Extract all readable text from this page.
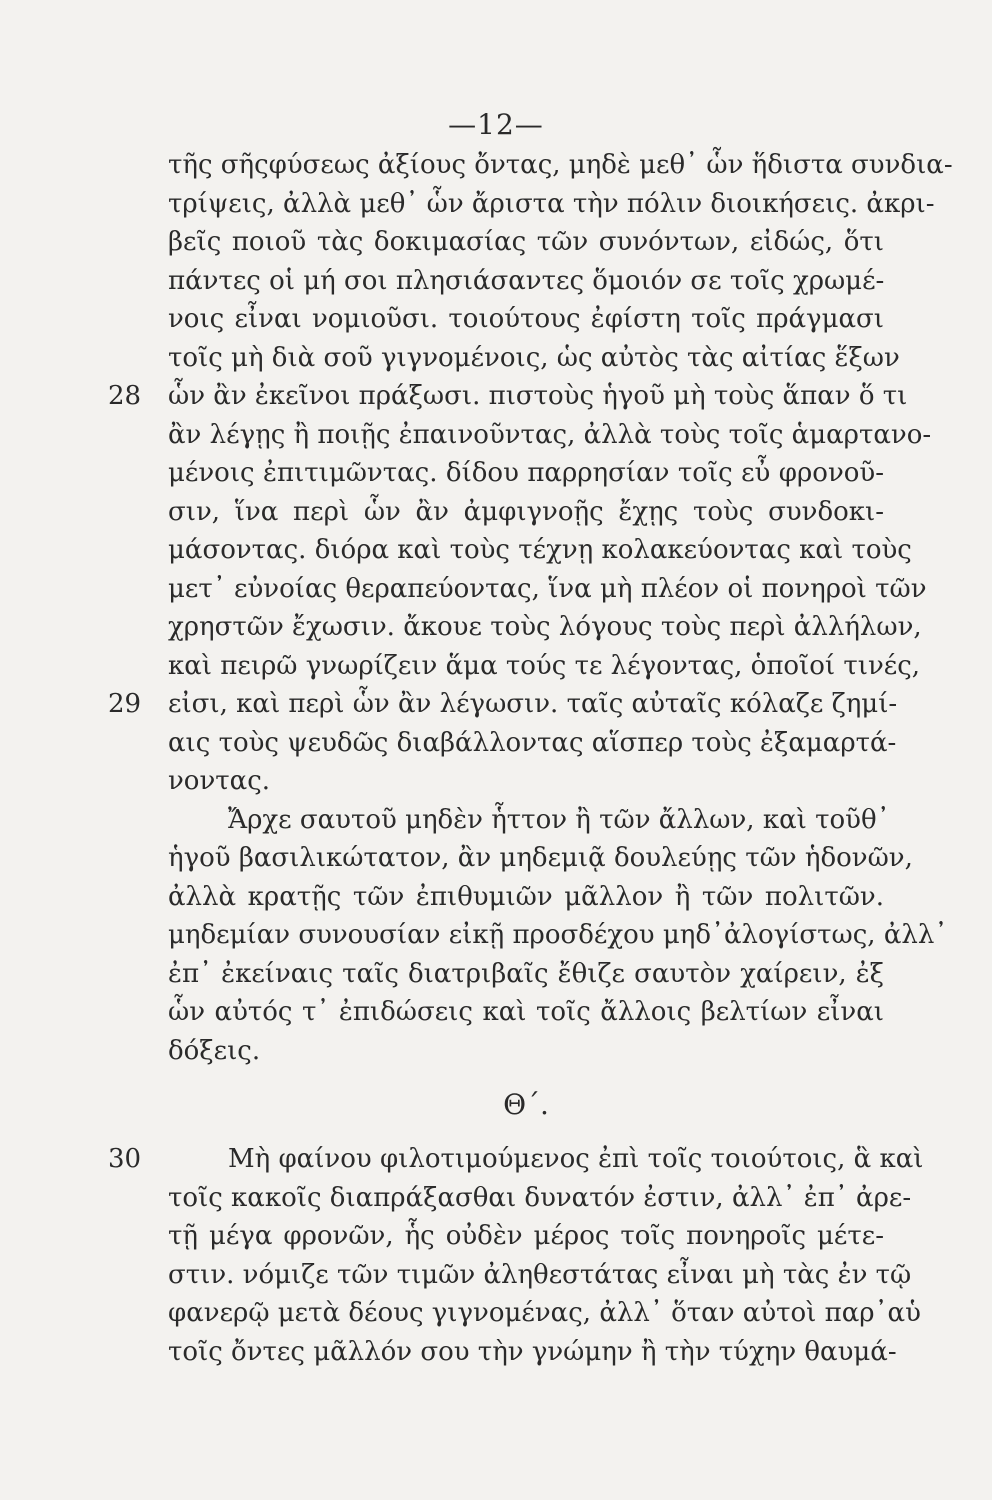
—12—
τῆς σῆςφύσεως ἀξίους ὄντας, μηδὲ μεθ᾽ ὧν ἥδιστα συνδια-
τρίψεις, ἀλλὰ μεθ᾽ ὧν ἄριστα τὴν πόλιν διοικήσεις. ἀκρι-
βεῖς ποιοῦ τὰς δοκιμασίας τῶν συνόντων, εἰδώς, ὅτι
πάντες οἱ μή σοι πλησιάσαντες ὅμοιόν σε τοῖς χρωμέ-
νοις εἶναι νομιοῦσι. τοιούτους ἐφίστη τοῖς πράγμασι
τοῖς μὴ διὰ σοῦ γιγνομένοις, ὡς αὐτὸς τὰς αἰτίας ἕξων
28	ὧν ἂν ἐκεῖνοι πράξωσι. πιστοὺς ἡγοῦ μὴ τοὺς ἅπαν ὅ τι
ἂν λέγῃς ἢ ποιῇς ἐπαινοῦντας, ἀλλὰ τοὺς τοῖς ἁμαρτανο-
μένοις ἐπιτιμῶντας. δίδου παρρησίαν τοῖς εὖ φρονοῦ-
σιν, ἵνα περὶ ὧν ἂν ἀμφιγνοῇς ἔχῃς τοὺς συνδοκι-
μάσοντας. διόρα καὶ τοὺς τέχνῃ κολακεύοντας καὶ τοὺς
μετ᾽ εὐνοίας θεραπεύοντας, ἵνα μὴ πλέον οἱ πονηροὶ τῶν
χρηστῶν ἔχωσιν. ἄκουε τοὺς λόγους τοὺς περὶ ἀλλήλων,
καὶ πειρῶ γνωρίζειν ἅμα τούς τε λέγοντας, ὁποῖοί τινές,
29	εἰσι, καὶ περὶ ὧν ἂν λέγωσιν. ταῖς αὐταῖς κόλαζε ζημί-
αις τοὺς ψευδῶς διαβάλλοντας αἵσπερ τοὺς ἐξαμαρτά-
νοντας.
Ἄρχε σαυτοῦ μηδὲν ἧττον ἢ τῶν ἄλλων, καὶ τοῦθ᾽
ἡγοῦ βασιλικώτατον, ἂν μηδεμιᾷ δουλεύῃς τῶν ἡδονῶν,
ἀλλὰ κρατῇς τῶν ἐπιθυμιῶν μᾶλλον ἢ τῶν πολιτῶν.
μηδεμίαν συνουσίαν εἰκῇ προσδέχου μηδ᾽ἀλογίστως, ἀλλ᾽
ἐπ᾽ ἐκείναις ταῖς διατριβαῖς ἔθιζε σαυτὸν χαίρειν, ἐξ
ὧν αὐτός τ᾽ ἐπιδώσεις καὶ τοῖς ἄλλοις βελτίων εἶναι
δόξεις.
Θ΄.
30	Μὴ φαίνου φιλοτιμούμενος ἐπὶ τοῖς τοιούτοις, ἃ καὶ
τοῖς κακοῖς διαπράξασθαι δυνατόν ἐστιν, ἀλλ᾽ ἐπ᾽ ἀρε-
τῇ μέγα φρονῶν, ἧς οὐδὲν μέρος τοῖς πονηροῖς μέτε-
στιν. νόμιζε τῶν τιμῶν ἀληθεστάτας εἶναι μὴ τὰς ἐν τῷ
φανερῷ μετὰ δέους γιγνομένας, ἀλλ᾽ ὅταν αὐτοὶ παρ᾽αὑ
τοῖς ὄντες μᾶλλόν σου τὴν γνώμην ἢ τὴν τύχην θαυμά-
